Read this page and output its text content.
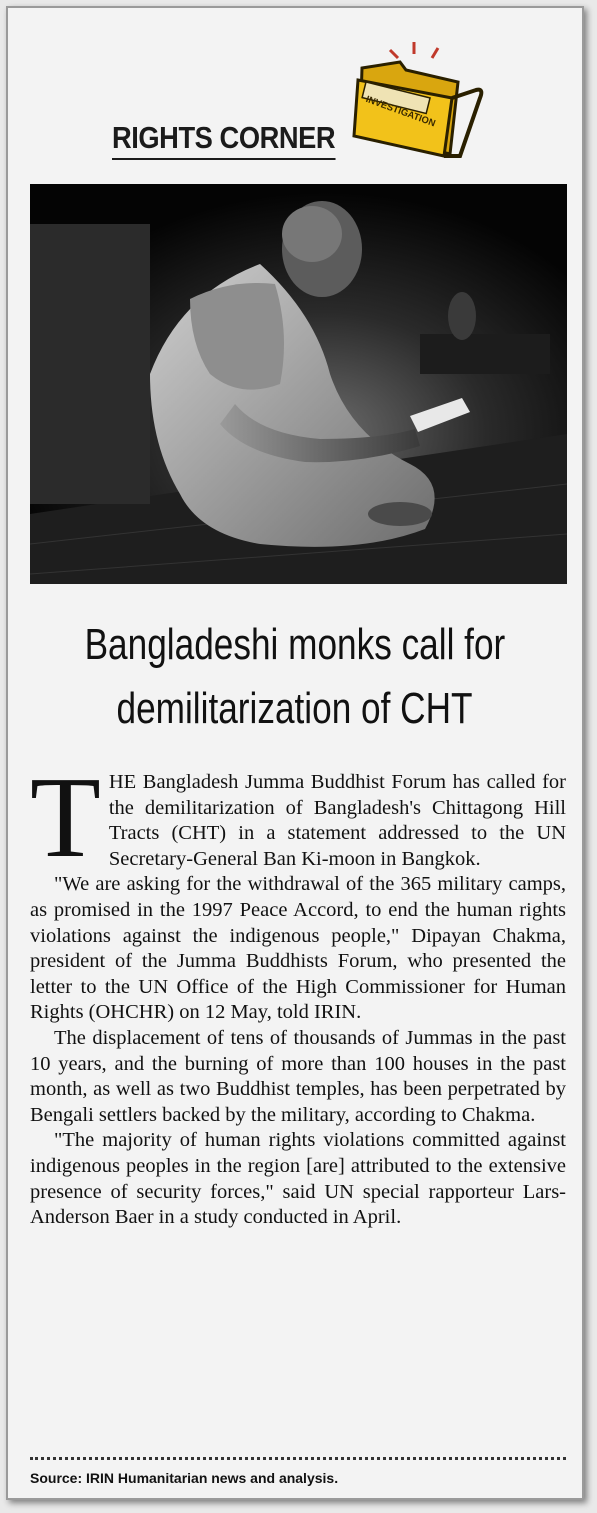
INVESTIGATION
RIGHTS CORNER
Bangladeshi monks call for
demilitarization of CHT

THE Bangladesh Jumma Buddhist Forum has called for the demilitarization of Bangladesh's Chittagong Hill Tracts (CHT) in a statement addressed to the UN Secretary-General Ban Ki-moon in Bangkok.

"We are asking for the withdrawal of the 365 military camps, as promised in the 1997 Peace Accord, to end the human rights violations against the indigenous people," Dipayan Chakma, president of the Jumma Buddhists Forum, who presented the letter to the UN Office of the High Commissioner for Human Rights (OHCHR) on 12 May, told IRIN.

The displacement of tens of thousands of Jummas in the past 10 years, and the burning of more than 100 houses in the past month, as well as two Buddhist temples, has been perpetrated by Bengali settlers backed by the military, according to Chakma.

"The majority of human rights violations committed against indigenous peoples in the region [are] attributed to the extensive presence of security forces," said UN special rapporteur Lars-Anderson Baer in a study conducted in April.

Source: IRIN Humanitarian news and analysis.
